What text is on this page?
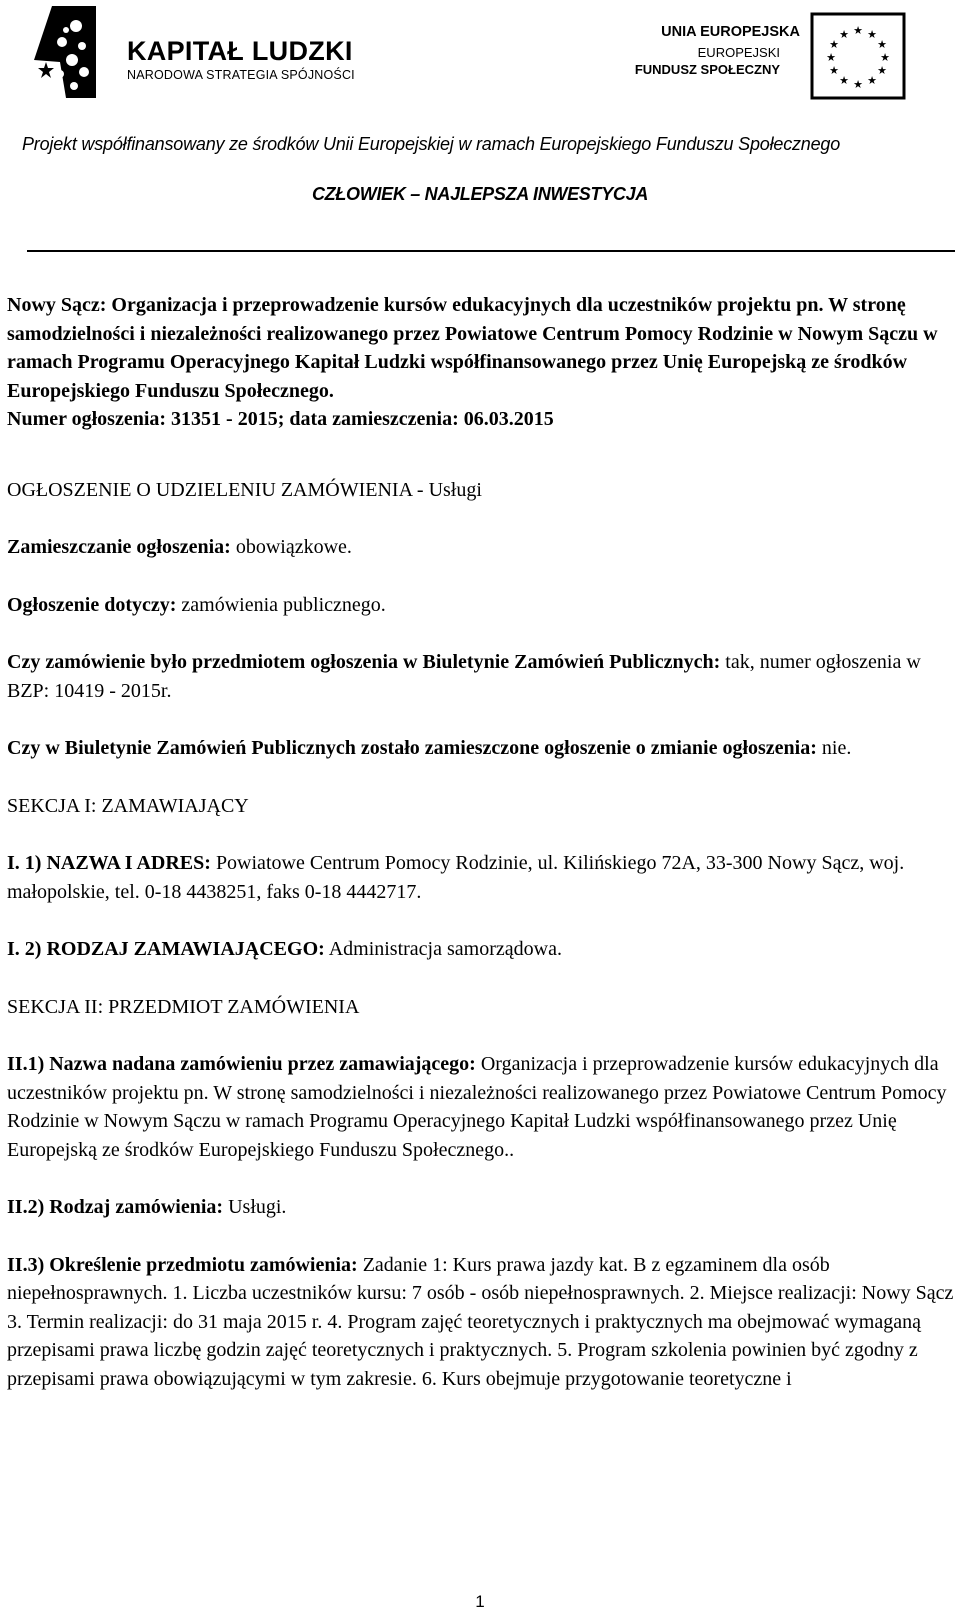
KAPITAŁ LUDZKI
NARODOWA STRATEGIA SPÓJNOŚCI
UNIA EUROPEJSKA
EUROPEJSKI
FUNDUSZ SPOŁECZNY
★ ★
★
★
★
★
★
★
★
★
★
★
Projekt współfinansowany ze środków Unii Europejskiej w ramach Europejskiego Funduszu Społecznego
CZŁOWIEK – NAJLEPSZA INWESTYCJA

Nowy Sącz: Organizacja i przeprowadzenie kursów edukacyjnych dla uczestników projektu pn. W stronę samodzielności i niezależności realizowanego przez Powiatowe Centrum Pomocy Rodzinie w Nowym Sączu w ramach Programu Operacyjnego Kapitał Ludzki współfinansowanego przez Unię Europejską ze środków Europejskiego Funduszu Społecznego.
Numer ogłoszenia: 31351 - 2015; data zamieszczenia: 06.03.2015

OGŁOSZENIE O UDZIELENIU ZAMÓWIENIA - Usługi

Zamieszczanie ogłoszenia: obowiązkowe.

Ogłoszenie dotyczy: zamówienia publicznego.

Czy zamówienie było przedmiotem ogłoszenia w Biuletynie Zamówień Publicznych: tak, numer ogłoszenia w BZP: 10419 - 2015r.

Czy w Biuletynie Zamówień Publicznych zostało zamieszczone ogłoszenie o zmianie ogłoszenia: nie.

SEKCJA I: ZAMAWIAJĄCY

I. 1) NAZWA I ADRES: Powiatowe Centrum Pomocy Rodzinie, ul. Kilińskiego 72A, 33-300 Nowy Sącz, woj. małopolskie, tel. 0-18 4438251, faks 0-18 4442717.

I. 2) RODZAJ ZAMAWIAJĄCEGO: Administracja samorządowa.

SEKCJA II: PRZEDMIOT ZAMÓWIENIA

II.1) Nazwa nadana zamówieniu przez zamawiającego: Organizacja i przeprowadzenie kursów edukacyjnych dla uczestników projektu pn. W stronę samodzielności i niezależności realizowanego przez Powiatowe Centrum Pomocy Rodzinie w Nowym Sączu w ramach Programu Operacyjnego Kapitał Ludzki współfinansowanego przez Unię Europejską ze środków Europejskiego Funduszu Społecznego..

II.2) Rodzaj zamówienia: Usługi.

II.3) Określenie przedmiotu zamówienia: Zadanie 1: Kurs prawa jazdy kat. B z egzaminem dla osób niepełnosprawnych. 1. Liczba uczestników kursu: 7 osób - osób niepełnosprawnych. 2. Miejsce realizacji: Nowy Sącz 3. Termin realizacji: do 31 maja 2015 r. 4. Program zajęć teoretycznych i praktycznych ma obejmować wymaganą przepisami prawa liczbę godzin zajęć teoretycznych i praktycznych. 5. Program szkolenia powinien być zgodny z przepisami prawa obowiązującymi w tym zakresie. 6. Kurs obejmuje przygotowanie teoretyczne i

1
